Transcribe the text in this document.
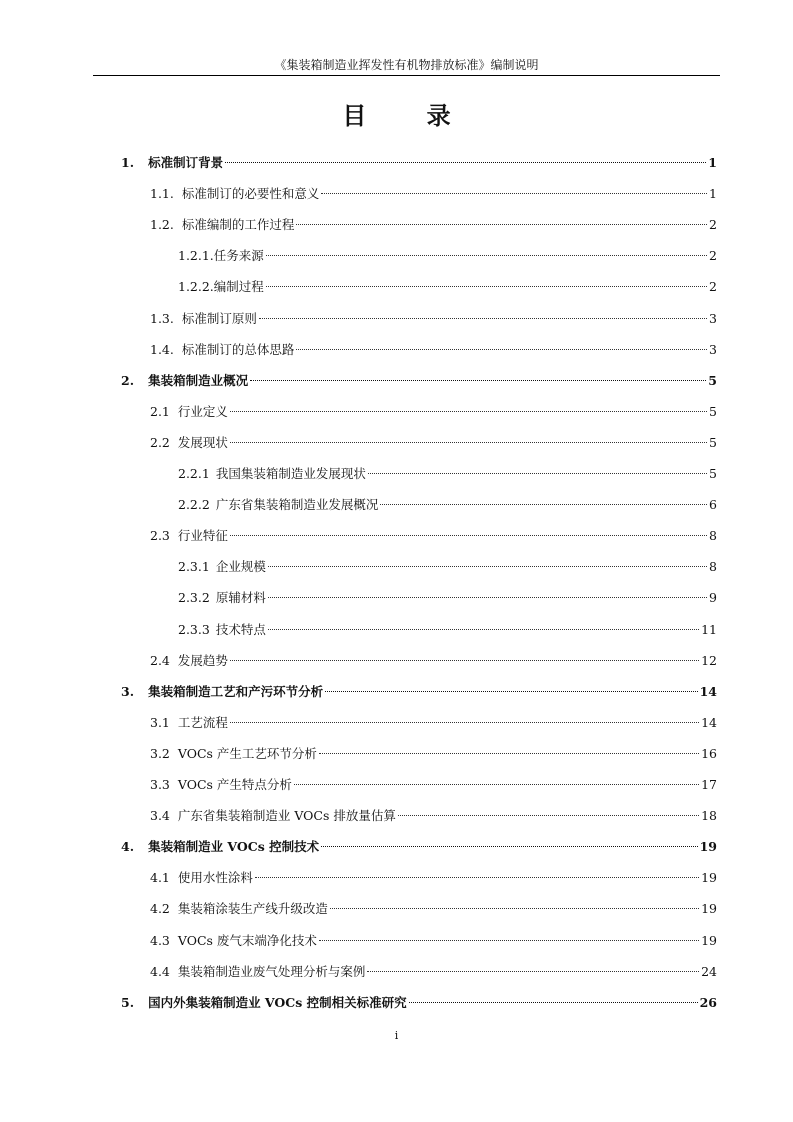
《集装箱制造业挥发性有机物排放标准》编制说明
目 录
1. 标准制订背景	1
1.1. 标准制订的必要性和意义	1
1.2. 标准编制的工作过程	2
1.2.1. 任务来源	2
1.2.2. 编制过程	2
1.3. 标准制订原则	3
1.4. 标准制订的总体思路	3
2. 集装箱制造业概况	5
2.1 行业定义	5
2.2 发展现状	5
2.2.1 我国集装箱制造业发展现状	5
2.2.2 广东省集装箱制造业发展概况	6
2.3 行业特征	8
2.3.1 企业规模	8
2.3.2 原辅材料	9
2.3.3 技术特点	11
2.4 发展趋势	12
3. 集装箱制造工艺和产污环节分析	14
3.1 工艺流程	14
3.2 VOCs 产生工艺环节分析	16
3.3 VOCs 产生特点分析	17
3.4 广东省集装箱制造业 VOCs 排放量估算	18
4. 集装箱制造业 VOCs 控制技术	19
4.1 使用水性涂料	19
4.2 集装箱涂装生产线升级改造	19
4.3 VOCs 废气末端净化技术	19
4.4 集装箱制造业废气处理分析与案例	24
5. 国内外集装箱制造业 VOCs 控制相关标准研究	26
i
